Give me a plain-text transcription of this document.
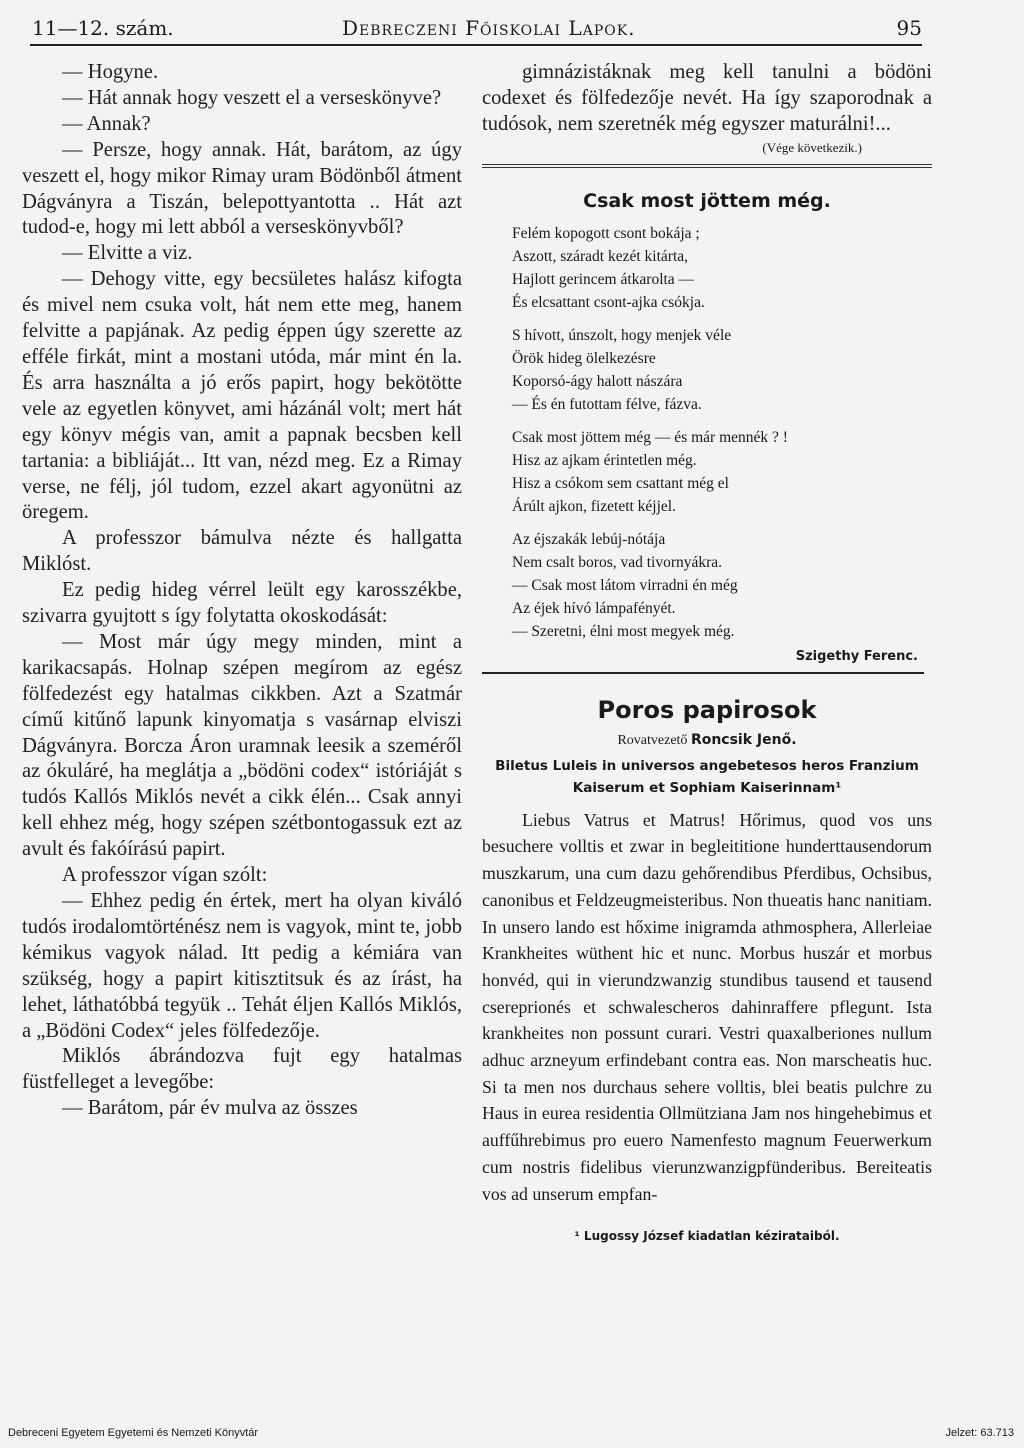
11—12. szám.	Debreczeni Főiskolai Lapok.	95

— Hogyne.

— Hát annak hogy veszett el a verseskönyve?

— Annak?

— Persze, hogy annak. Hát, barátom, az úgy veszett el, hogy mikor Rimay uram Bödönből átment Dágványra a Tiszán, belepottyantotta .. Hát azt tudod-e, hogy mi lett abból a verseskönyvből?

— Elvitte a viz.

— Dehogy vitte, egy becsületes halász kifogta és mivel nem csuka volt, hát nem ette meg, hanem felvitte a papjának. Az pedig éppen úgy szerette az efféle firkát, mint a mostani utóda, már mint én la. És arra használta a jó erős papirt, hogy bekötötte vele az egyetlen könyvet, ami házánál volt; mert hát egy könyv mégis van, amit a papnak becsben kell tartania: a bibliáját... Itt van, nézd meg. Ez a Rimay verse, ne félj, jól tudom, ezzel akart agyonütni az öregem.

A professzor bámulva nézte és hallgatta Miklóst.

Ez pedig hideg vérrel leült egy karosszékbe, szivarra gyujtott s így folytatta okoskodását:

— Most már úgy megy minden, mint a karikacsapás. Holnap szépen megírom az egész fölfedezést egy hatalmas cikkben. Azt a Szatmár című kitűnő lapunk kinyomatja s vasárnap elviszi Dágványra. Borcza Áron uramnak leesik a szeméről az ókuláré, ha meglátja a „bödöni codex“ istóriáját s tudós Kallós Miklós nevét a cikk élén... Csak annyi kell ehhez még, hogy szépen szétbontogassuk ezt az avult és fakóírású papirt.

A professzor vígan szólt:

— Ehhez pedig én értek, mert ha olyan kiváló tudós irodalomtörténész nem is vagyok, mint te, jobb kémikus vagyok nálad. Itt pedig a kémiára van szükség, hogy a papirt kitisztitsuk és az írást, ha lehet, láthatóbbá tegyük .. Tehát éljen Kallós Miklós, a „Bödöni Codex“ jeles fölfedezője.

Miklós ábrándozva fujt egy hatalmas füstfelleget a levegőbe:

— Barátom, pár év mulva az összes

gimnázistáknak meg kell tanulni a bödöni codexet és fölfedezője nevét. Ha így szaporodnak a tudósok, nem szeretnék még egyszer maturálni!...

(Vége következik.)

Csak most jöttem még.

Felém kopogott csont bokája ;
Aszott, száradt kezét kitárta,
Hajlott gerincem átkarolta —
És elcsattant csont-ajka csókja.
S hívott, únszolt, hogy menjek véle
Örök hideg ölelkezésre
Koporsó-ágy halott nászára
— És én futottam félve, fázva.
Csak most jöttem még — és már mennék ? !
Hisz az ajkam érintetlen még.
Hisz a csókom sem csattant még el
Árúlt ajkon, fizetett kéjjel.
Az éjszakák lebúj-nótája
Nem csalt boros, vad tivornyákra.
— Csak most látom virradni én még
Az éjek hívó lámpafényét.
— Szeretni, élni most megyek még.

Szigethy Ferenc.

Poros papirosok

Rovatvezető Roncsik Jenő.

Biletus Luleis in universos angebetesos heros Franzium Kaiserum et Sophiam Kaiserinnam¹

Liebus Vatrus et Matrus! Hőrimus, quod vos uns besuchere volltis et zwar in begleititione hunderttausendorum muszkarum, una cum dazu gehőrendibus Pferdibus, Ochsibus, canonibus et Feldzeugmeisteribus. Non thueatis hanc nanitiam. In unsero lando est hőxime inigramda athmosphera, Allerleiae Krankheites wüthent hic et nunc. Morbus huszár et morbus honvéd, qui in vierundzwanzig stundibus tausend et tausend csereprionés et schwalescheros dahinraffere pflegunt. Ista krankheites non possunt curari. Vestri quaxalberiones nullum adhuc arzneyum erfindebant contra eas. Non marscheatis huc. Si ta men nos durchaus sehere volltis, blei beatis pulchre zu Haus in eurea residentia Ollmützianа Jam nos hingehebimus et auffűhrebimus pro euero Namenfesto magnum Feuerwerkum cum nostris fidelibus vierunzwanzigpfünderibus. Bereiteatis vos ad unserum empfan-

¹ Lugossy József kiadatlan kézirataiból.

Debreceni Egyetem Egyetemi és Nemzeti Könyvtár	Jelzet: 63.713
